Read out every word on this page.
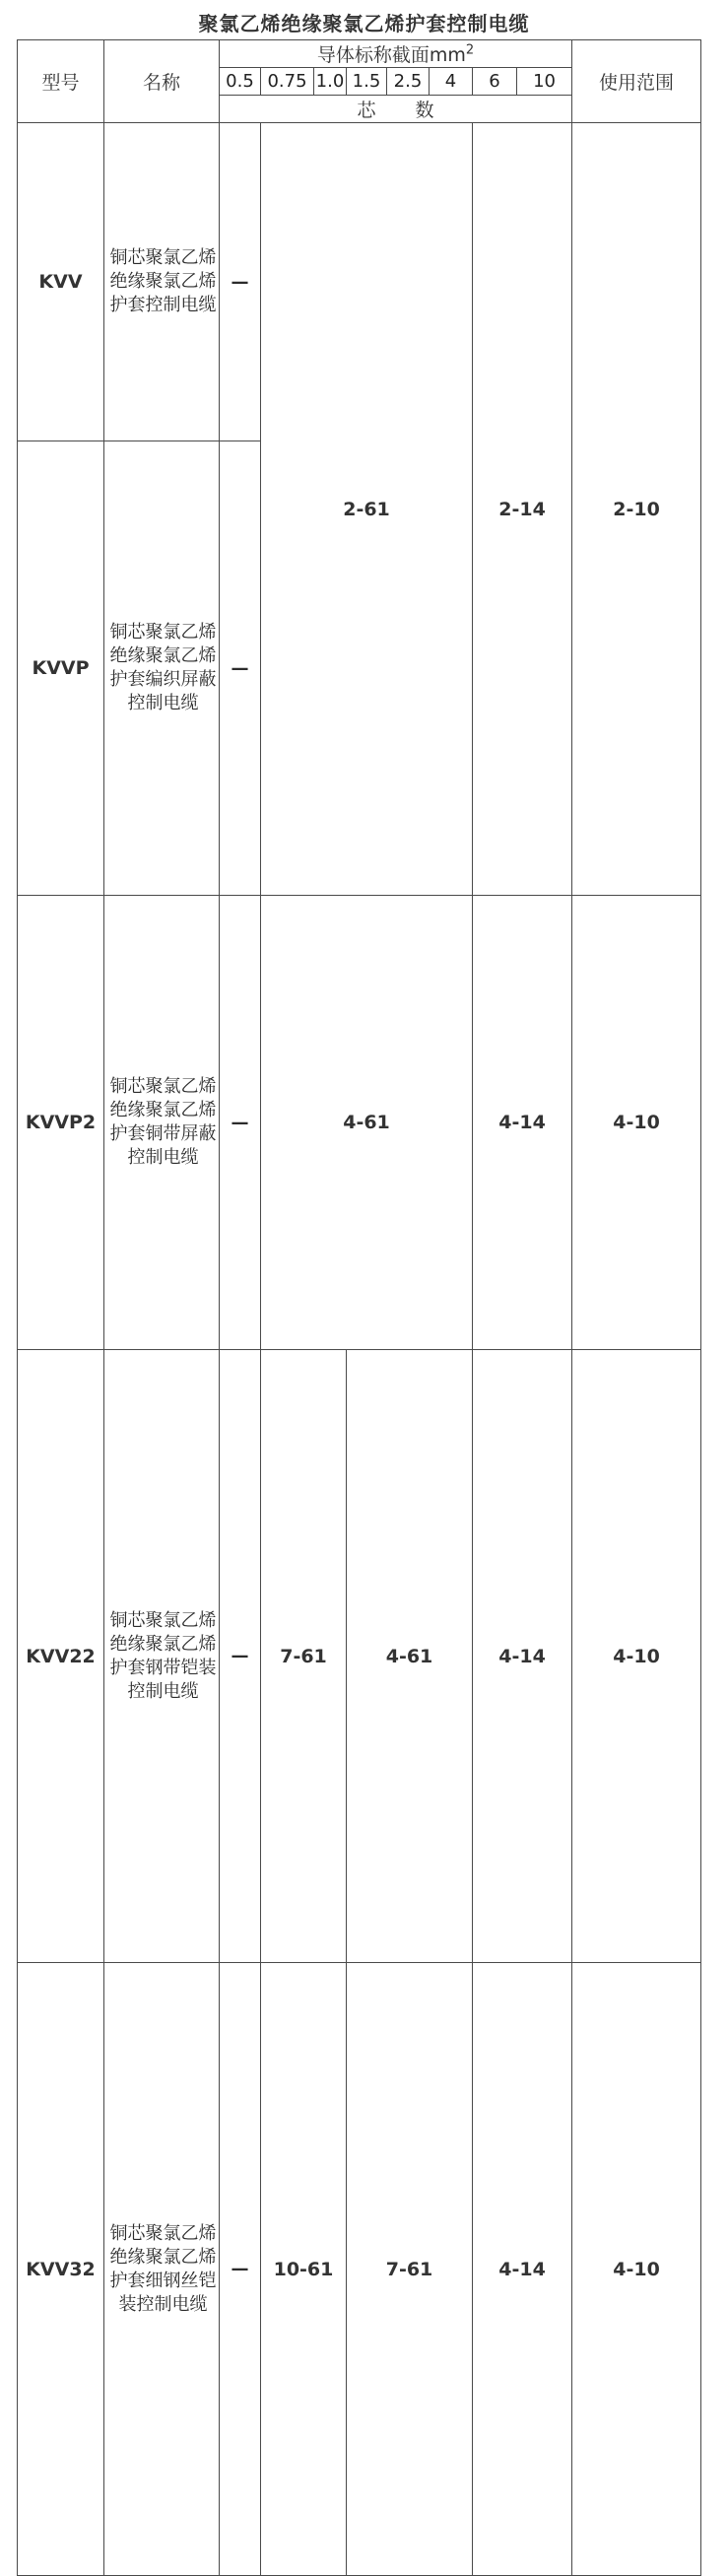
聚氯乙烯绝缘聚氯乙烯护套控制电缆
型号	名称	导体标称截面$mm^2$								使用范围	
		0.5	0.75	1.0	1.5	2.5	4	6	10		
		芯数									
KVV	铜芯聚氯乙烯绝缘聚氯乙烯护套控制电缆	—	2-61					2-14		2-10	
KVVP	铜芯聚氯乙烯绝缘聚氯乙烯护套编织屏蔽控制电缆	—	
KVVP2	铜芯聚氯乙烯绝缘聚氯乙烯护套铜带屏蔽控制电缆	—	4-61					4-14		4-10	
KVV22	铜芯聚氯乙烯绝缘聚氯乙烯护套钢带铠装控制电缆	—	7-61		4-61			4-14		4-10	
KVV32	铜芯聚氯乙烯绝缘聚氯乙烯护套细钢丝铠装控制电缆	—	10-61		7-61			4-14		4-10	
